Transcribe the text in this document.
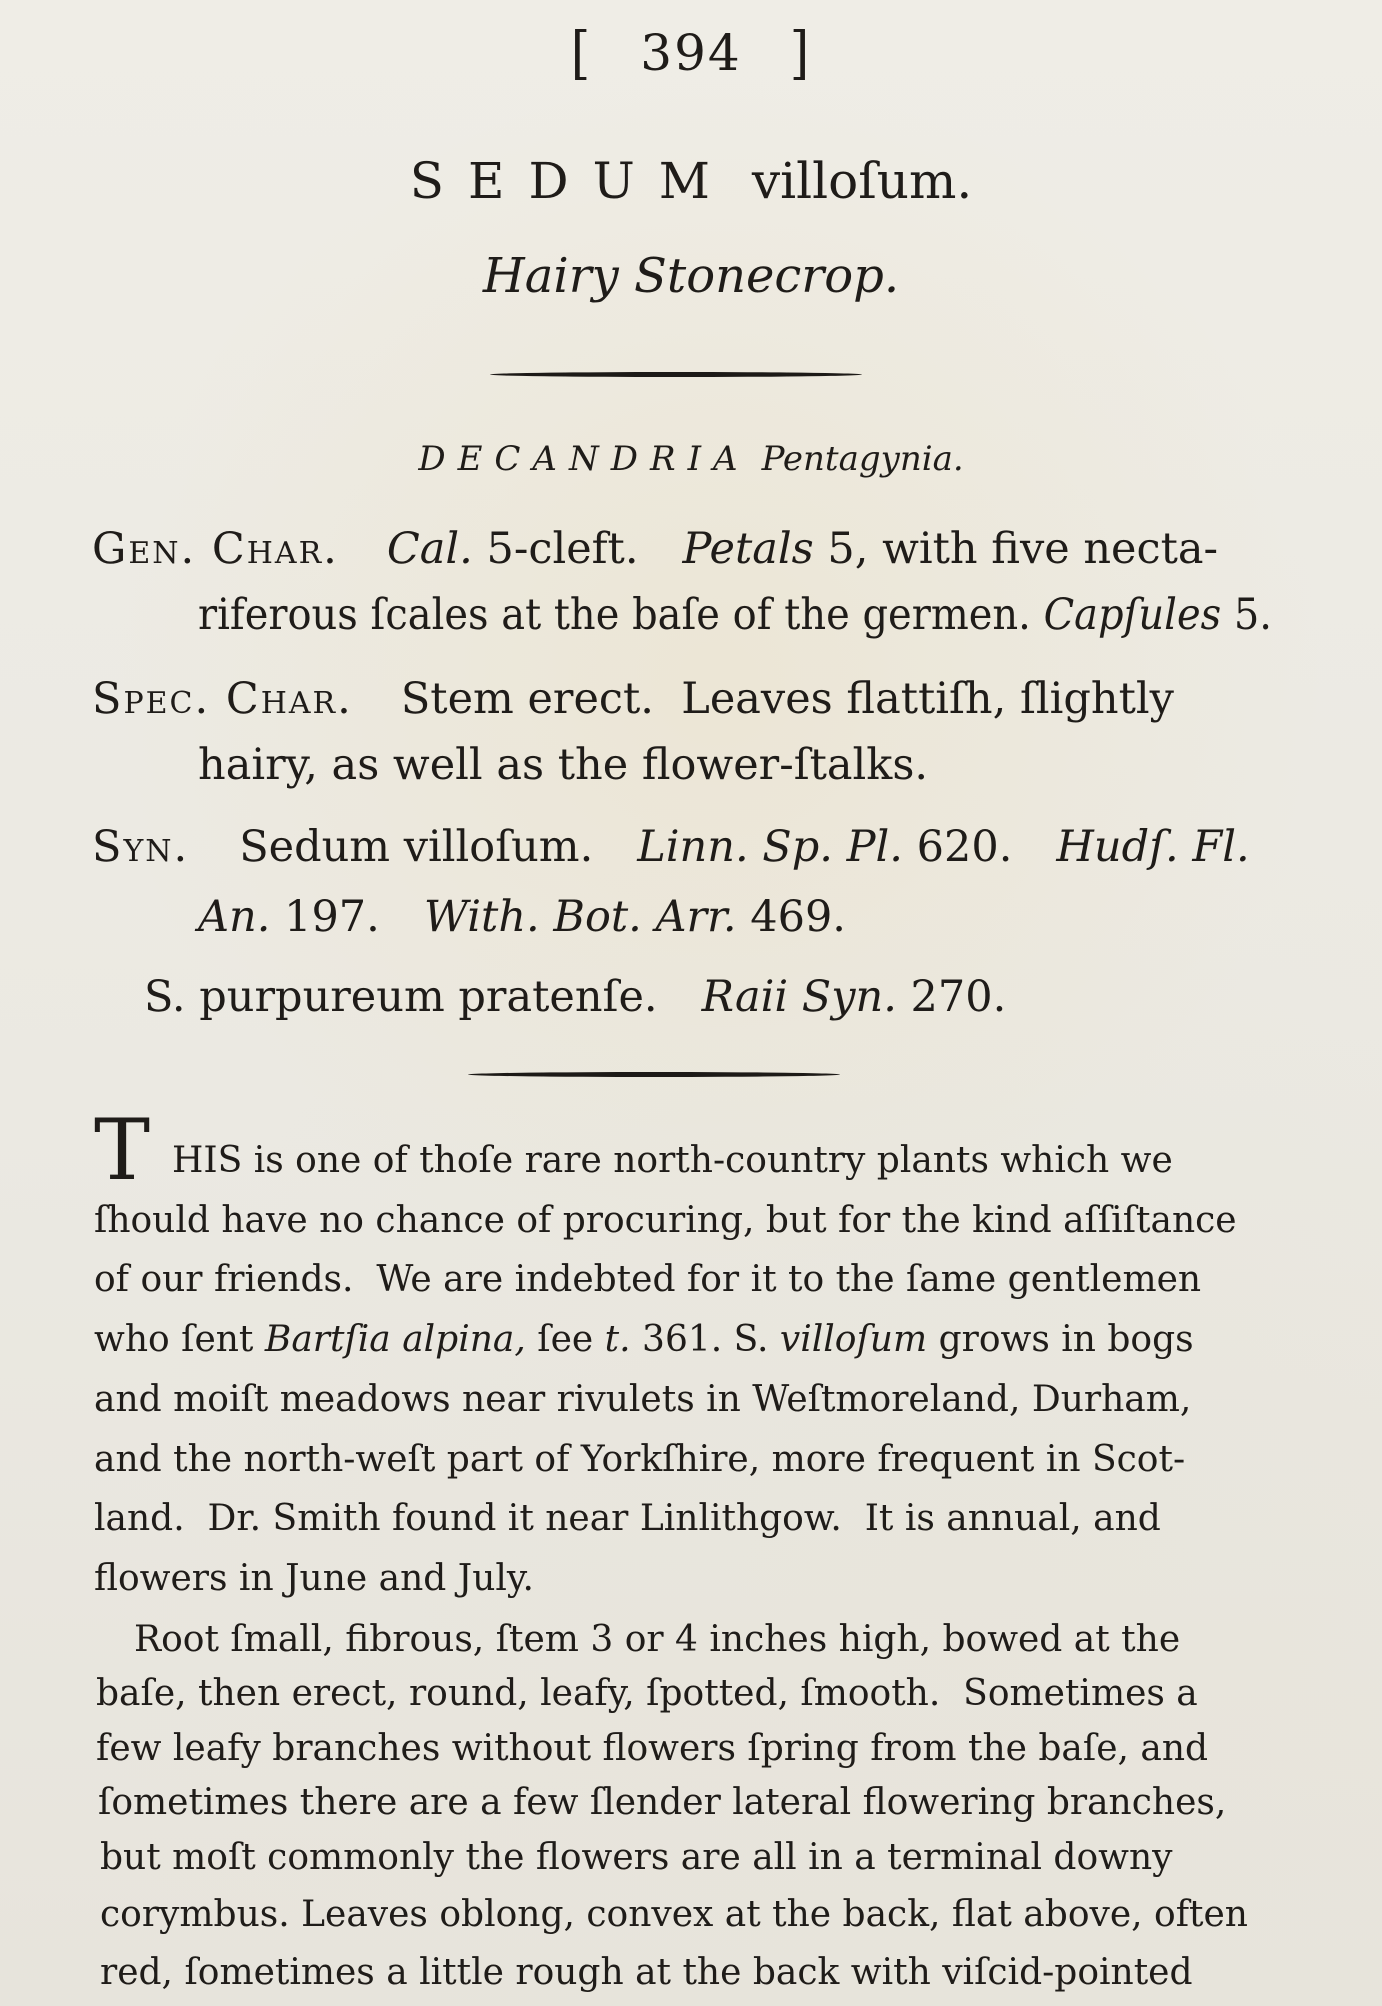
[ 394 ]
SEDUM villoſum.
Hairy Stonecrop.
DECANDRIA Pentagynia.
Gen. Char. Cal. 5-cleft. Petals 5, with five necta-
riferous ſcales at the baſe of the germen. Capſules 5.
Spec. Char. Stem erect.  Leaves flattiſh, ſlightly
hairy, as well as the flower-ſtalks.
Syn. Sedum villoſum. Linn. Sp. Pl. 620. Hudſ. Fl.
An. 197. With. Bot. Arr. 469.
S. purpureum pratenſe. Raii Syn. 270.
T HIS is one of thoſe rare north-country plants which we
ſhould have no chance of procuring, but for the kind aſſiſtance
of our friends.  We are indebted for it to the ſame gentlemen
who ſent Bartſia alpina, ſee t. 361. S. villoſum grows in bogs
and moiſt meadows near rivulets in Weſtmoreland, Durham,
and the north-weſt part of Yorkſhire, more frequent in Scot-
land.  Dr. Smith found it near Linlithgow.  It is annual, and
flowers in June and July.
Root ſmall, fibrous, ſtem 3 or 4 inches high, bowed at the
baſe, then erect, round, leafy, ſpotted, ſmooth.  Sometimes a
few leafy branches without flowers ſpring from the baſe, and
ſometimes there are a few ſlender lateral flowering branches,
but moſt commonly the flowers are all in a terminal downy
corymbus. Leaves oblong, convex at the back, flat above, often
red, ſometimes a little rough at the back with viſcid-pointed
